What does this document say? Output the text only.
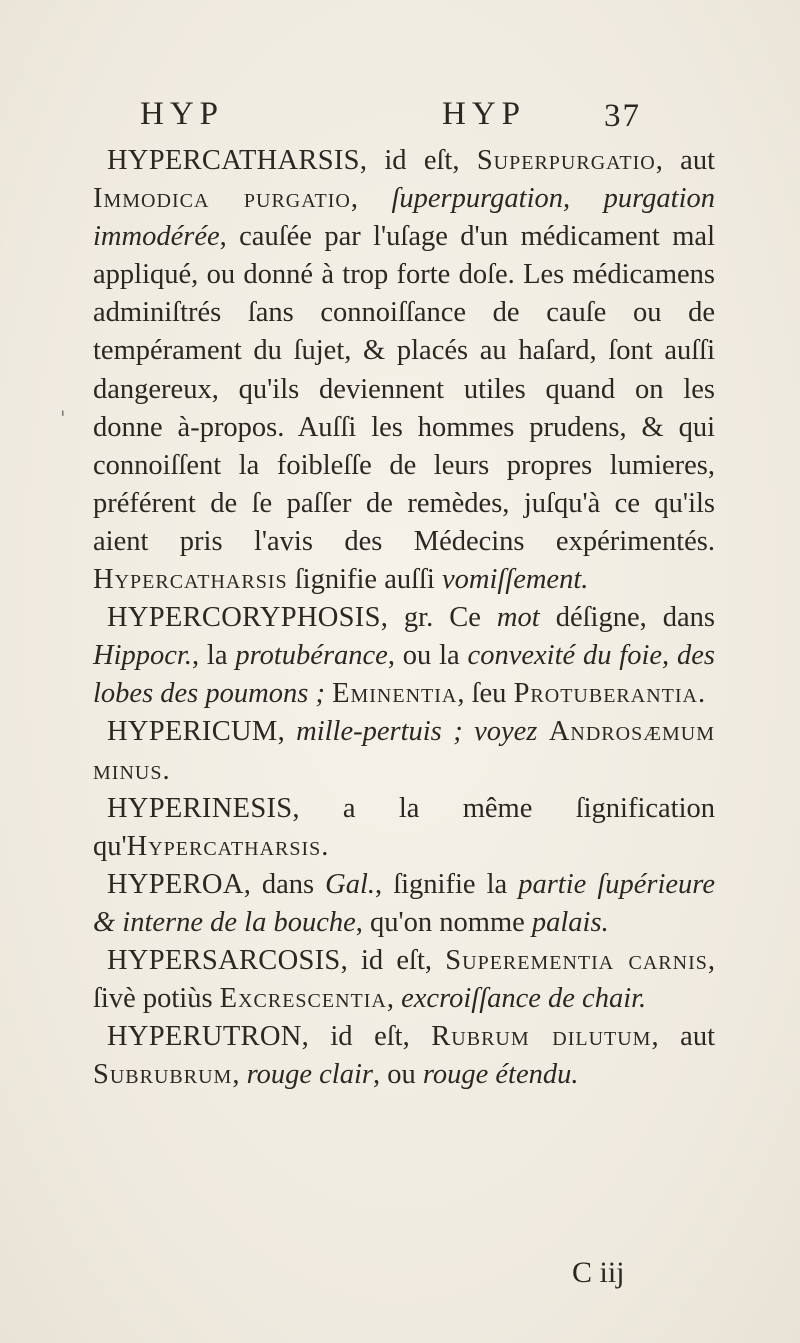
HYP	HYP 37
'

HYPERCATHARSIS, id eſt, Superpurgatio, aut Immodica purgatio, ſuperpurgation, purgation immodérée, cauſée par l'uſage d'un médicament mal appliqué, ou donné à trop forte doſe. Les médicamens adminiſtrés ſans connoiſſance de cauſe ou de tempérament du ſujet, & placés au haſard, ſont auſſi dangereux, qu'ils deviennent utiles quand on les donne à-propos. Auſſi les hommes prudens, & qui connoiſſent la foibleſſe de leurs propres lumieres, préférent de ſe paſſer de remèdes, juſqu'à ce qu'ils aient pris l'avis des Médecins expérimentés. Hypercatharsis ſignifie auſſi vomiſſement.

HYPERCORYPHOSIS, gr. Ce mot déſigne, dans Hippocr., la protubérance, ou la convexité du foie, des lobes des poumons ; Eminentia, ſeu Protuberantia.

HYPERICUM, mille-pertuis ; voyez Androsæmum minus.

HYPERINESIS, a la même ſignification qu'Hypercatharsis.

HYPEROA, dans Gal., ſignifie la partie ſupérieure & interne de la bouche, qu'on nomme palais.

HYPERSARCOSIS, id eſt, Superementia carnis, ſivè potiùs Excrescentia, excroiſſance de chair.

HYPERUTRON, id eſt, Rubrum dilutum, aut Subrubrum, rouge clair, ou rouge étendu.

C iij
